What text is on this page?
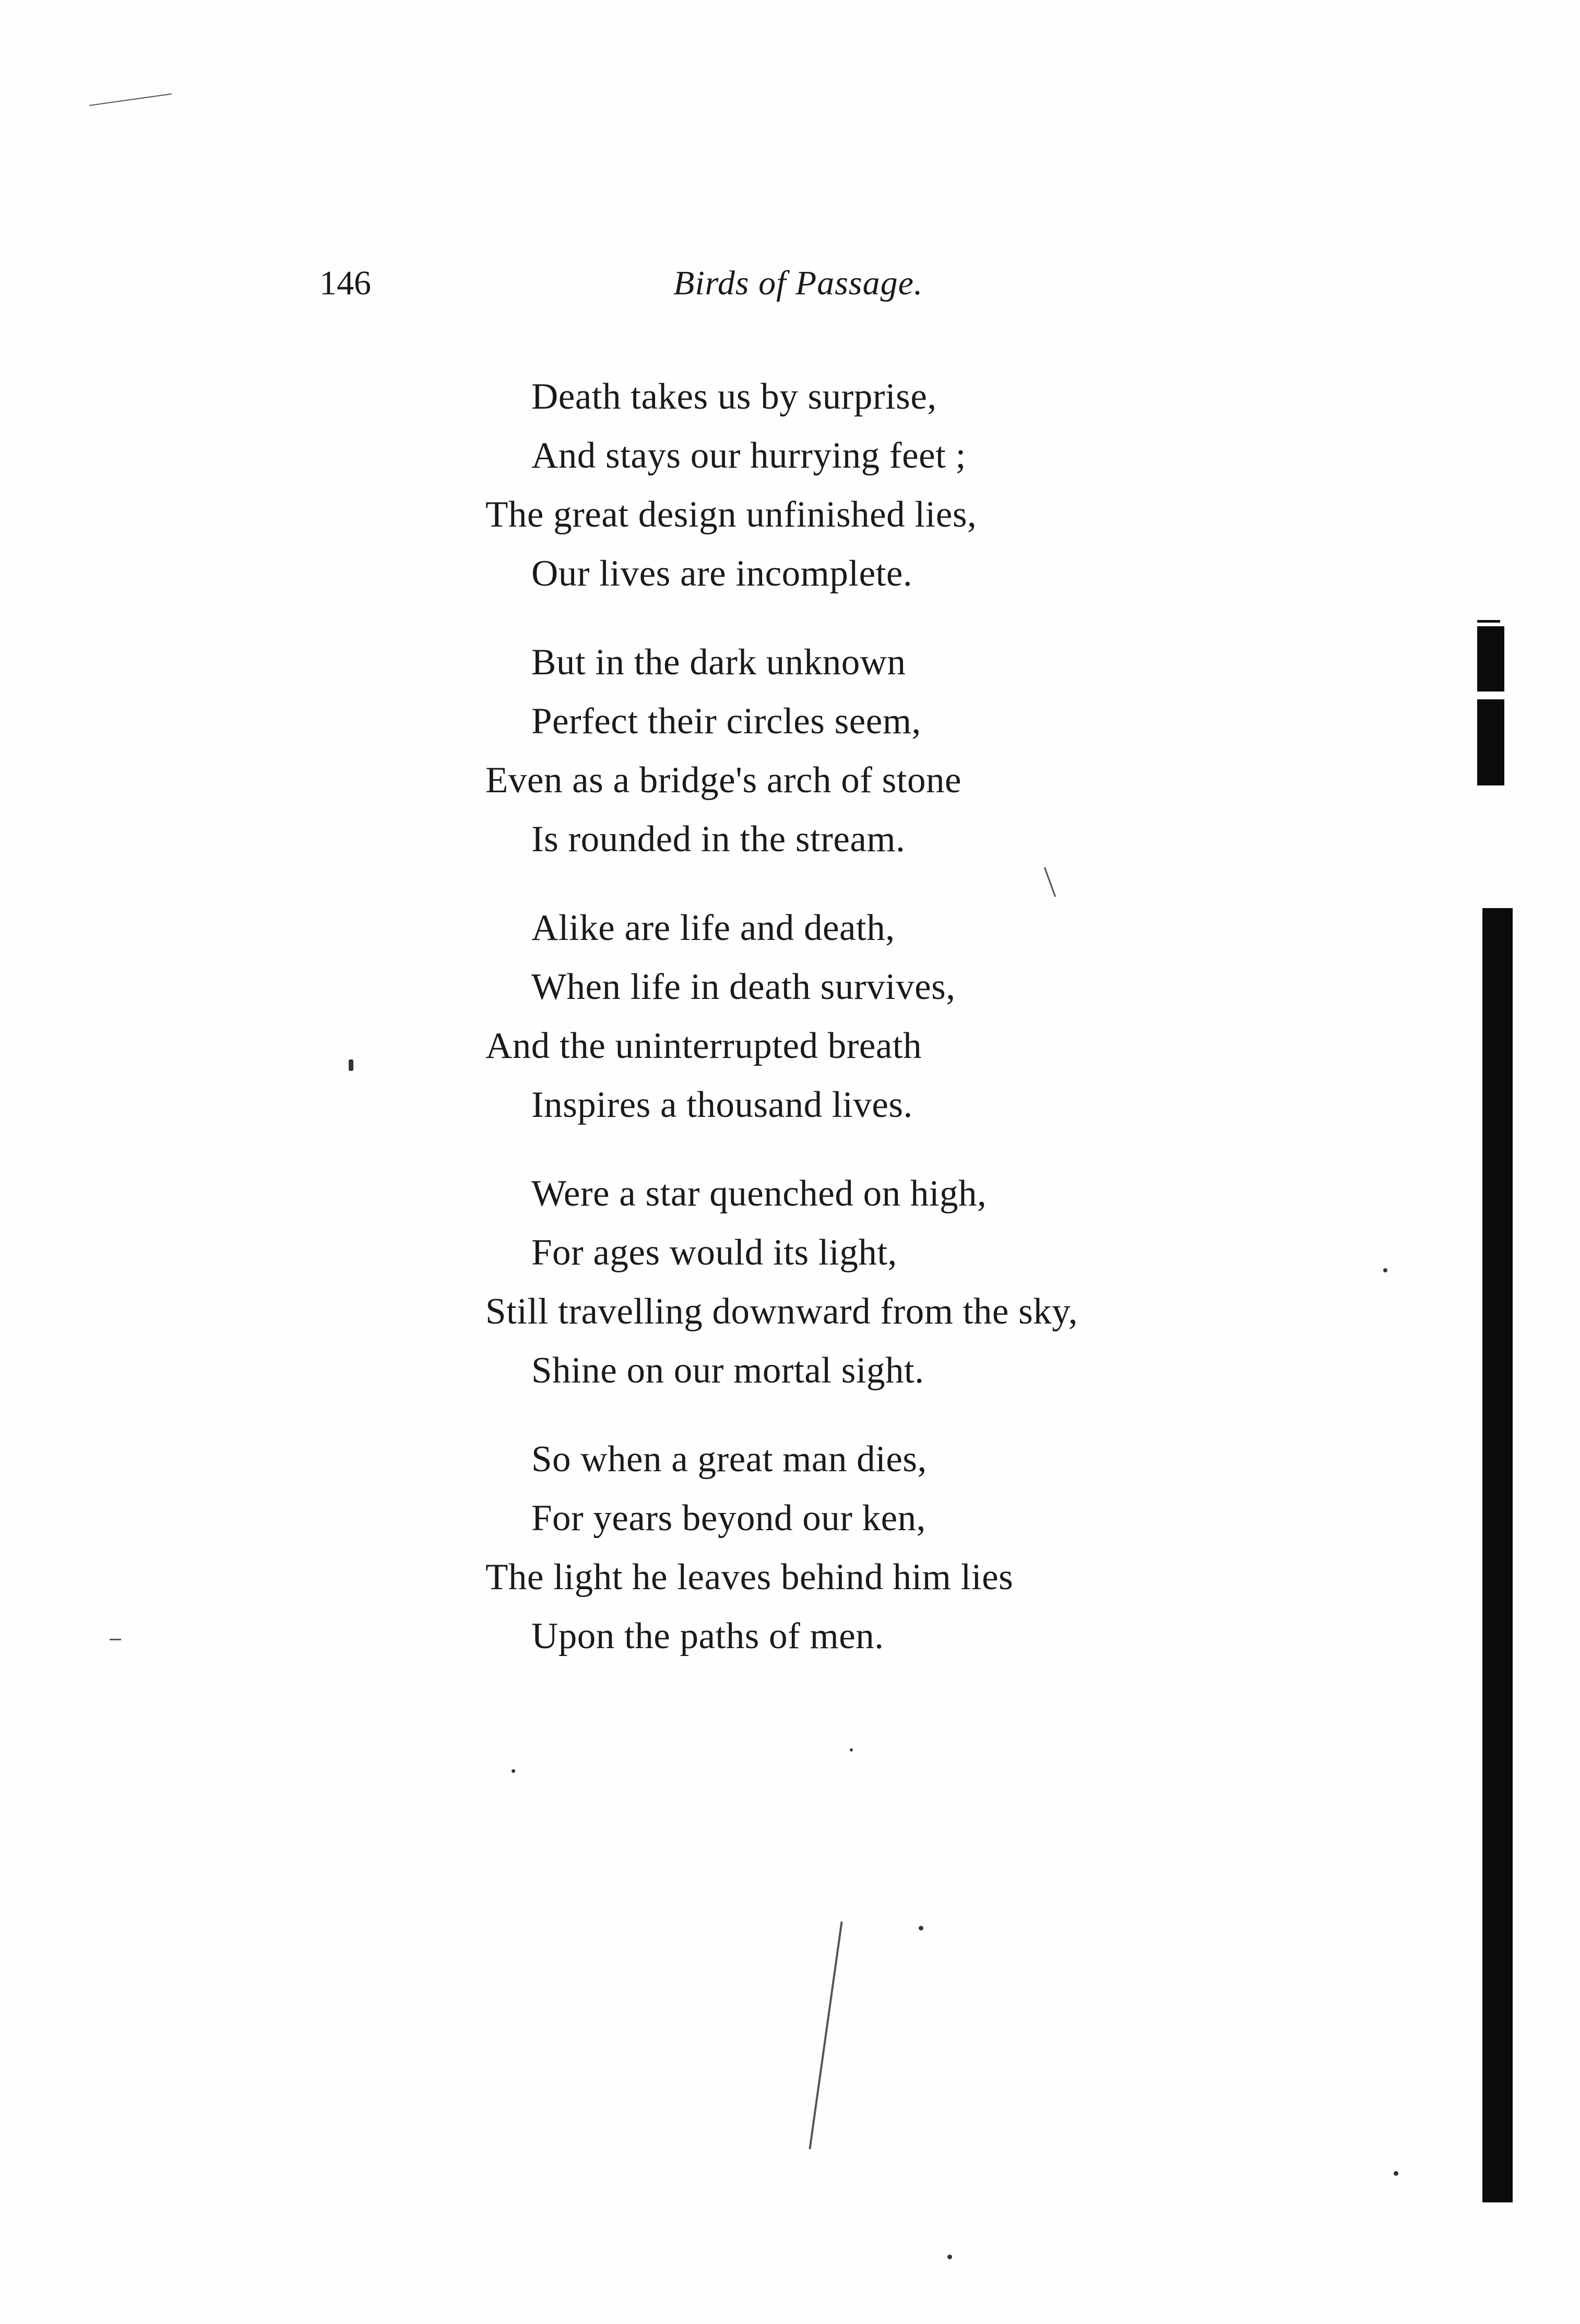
146	Birds of Passage.
Death takes us by surprise,
And stays our hurrying feet ;
The great design unfinished lies,
Our lives are incomplete.
But in the dark unknown
Perfect their circles seem,
Even as a bridge's arch of stone
Is rounded in the stream.
Alike are life and death,
When life in death survives,
And the uninterrupted breath
Inspires a thousand lives.
Were a star quenched on high,
For ages would its light,
Still travelling downward from the sky,
Shine on our mortal sight.
So when a great man dies,
For years beyond our ken,
The light he leaves behind him lies
Upon the paths of men.
